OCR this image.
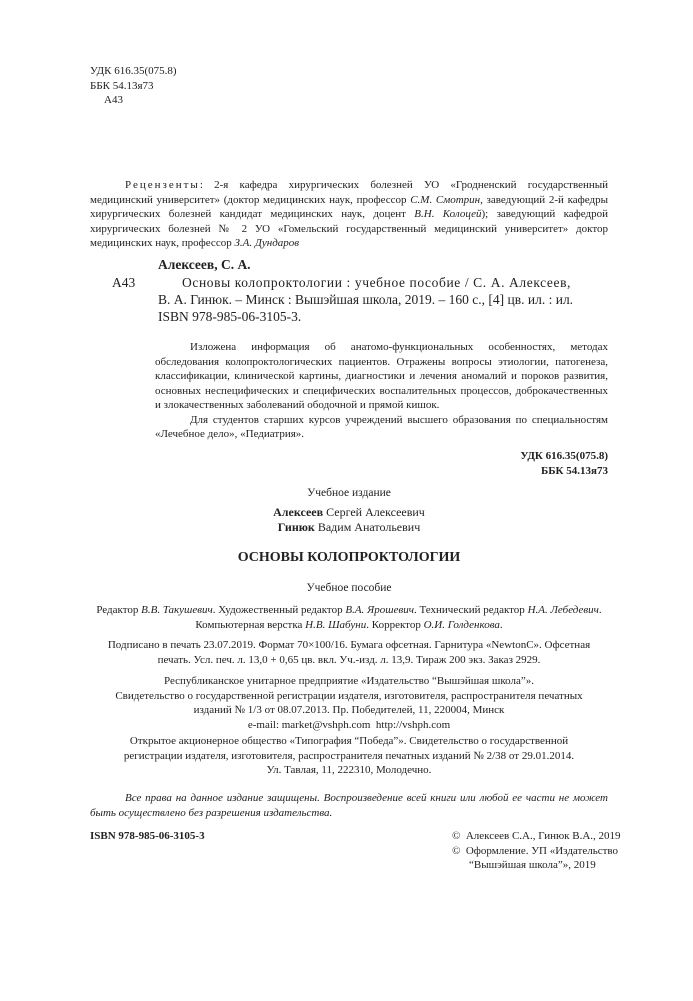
УДК 616.35(075.8)
ББК 54.13я73
А43
Рецензенты: 2-я кафедра хирургических болезней УО «Гродненский государственный медицинский университет» (доктор медицинских наук, профессор С.М. Смотрин, заведующий 2-й кафедры хирургических болезней кандидат медицинских наук, доцент В.Н. Колоцей); заведующий кафедрой хирургических болезней № 2 УО «Гомельский государственный медицинский университет» доктор медицинских наук, профессор З.А. Дундаров
Алексеев, С. А.
А43	Основы колопроктологии : учебное пособие / С. А. Алексеев,
В. А. Гинюк. – Минск : Вышэйшая школа, 2019. – 160 с., [4] цв. ил. : ил.
ISBN 978-985-06-3105-3.
Изложена информация об анатомо-функциональных особенностях, методах обследования колопроктологических пациентов. Отражены вопросы этиологии, патогенеза, классификации, клинической картины, диагностики и лечения аномалий и пороков развития, основных неспецифических и специфических воспалительных процессов, доброкачественных и злокачественных заболеваний ободочной и прямой кишок.
Для студентов старших курсов учреждений высшего образования по специальностям «Лечебное дело», «Педиатрия».
УДК 616.35(075.8)
ББК 54.13я73
Учебное издание
Алексеев Сергей Алексеевич
Гинюк Вадим Анатольевич
ОСНОВЫ КОЛОПРОКТОЛОГИИ
Учебное пособие
Редактор В.В. Такушевич. Художественный редактор В.А. Ярошевич. Технический редактор Н.А. Лебедевич.
Компьютерная верстка Н.В. Шабуни. Корректор О.И. Голденкова.
Подписано в печать 23.07.2019. Формат 70×100/16. Бумага офсетная. Гарнитура «NewtonC». Офсетная
печать. Усл. печ. л. 13,0 + 0,65 цв. вкл. Уч.-изд. л. 13,9. Тираж 200 экз. Заказ 2929.
Республиканское унитарное предприятие «Издательство “Вышэйшая школа”».
Свидетельство о государственной регистрации издателя, изготовителя, распространителя печатных
изданий № 1/3 от 08.07.2013. Пр. Победителей, 11, 220004, Минск
e-mail: market@vshph.com http://vshph.com
Открытое акционерное общество «Типография “Победа”». Свидетельство о государственной
регистрации издателя, изготовителя, распространителя печатных изданий № 2/38 от 29.01.2014.
Ул. Тавлая, 11, 222310, Молодечно.
Все права на данное издание защищены. Воспроизведение всей книги или любой ее части не может быть осуществлено без разрешения издательства.
ISBN 978-985-06-3105-3	© Алексеев С.А., Гинюк В.А., 2019
© Оформление. УП «Издательство
“Вышэйшая школа”», 2019
